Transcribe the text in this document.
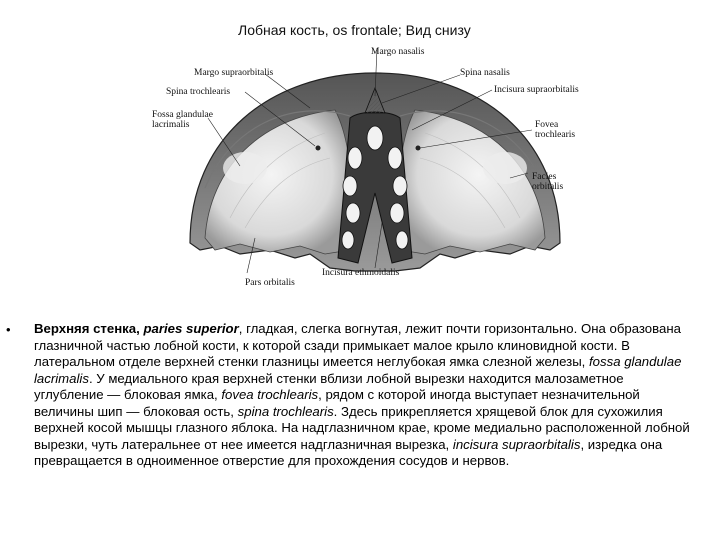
Лобная кость, os frontale; Вид снизу
Margo nasalis
Margo supraorbitalis	Spina nasalis
Spina trochlearis	Incisura supraorbitalis
Fossa glandulae
lacrimalis	Fovea
trochlearis
Facies
orbitalis
Incisura ethmoidalis
Pars orbitalis
• Верхняя стенка, paries superior, гладкая, слегка вогнутая, лежит почти горизонтально. Она образована глазничной частью лобной кости, к которой сзади примыкает малое крыло клиновидной кости. В латеральном отделе верхней стенки глазницы имеется неглубокая ямка слезной железы, fossa glandulae lacrimalis. У медиального края верхней стенки вблизи лобной вырезки находится малозаметное углубление — блоковая ямка, fovea trochlearis, рядом с которой иногда выступает незначительной величины шип — блоковая ость, spina trochlearis. Здесь прикрепляется хрящевой блок для сухожилия верхней косой мышцы глазного яблока. На надглазничном крае, кроме медиально расположенной лобной вырезки, чуть латеральнее от нее имеется надглазничная вырезка, incisura supraorbitalis, изредка она превращается в одноименное отверстие для прохождения сосудов и нервов.
